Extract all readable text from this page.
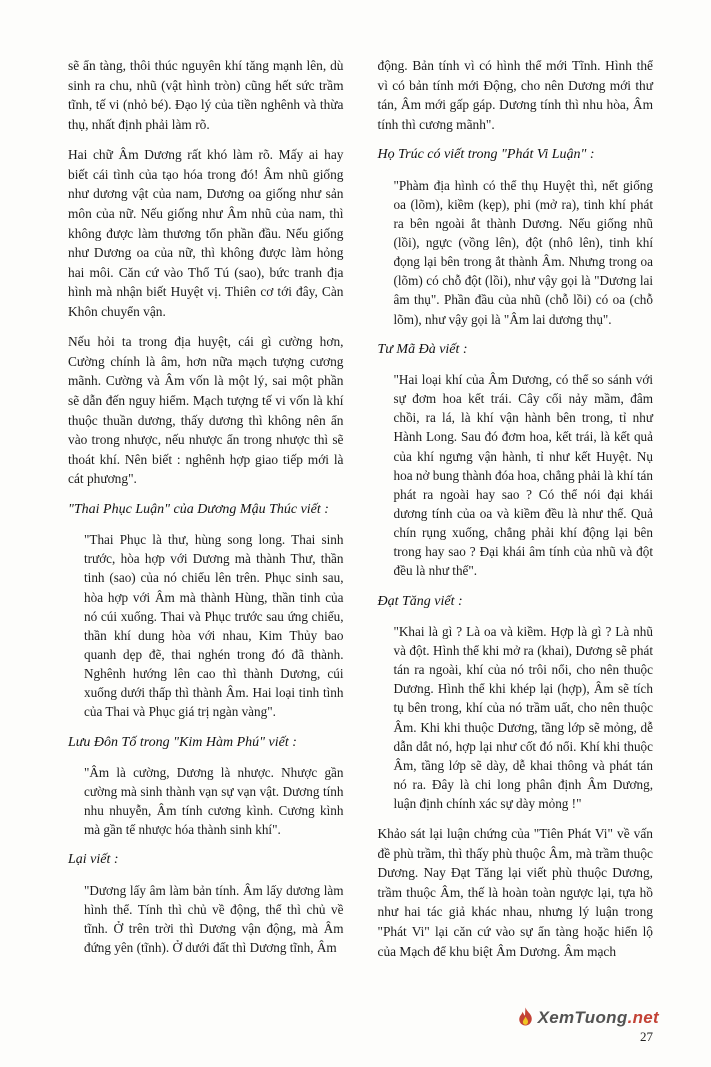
sẽ ẩn tàng, thôi thúc nguyên khí tăng mạnh lên, dù sinh ra chu, nhũ (vật hình tròn) cũng hết sức trầm tĩnh, tế vi (nhỏ bé). Đạo lý của tiền nghênh và thừa thụ, nhất định phải làm rõ.

Hai chữ Âm Dương rất khó làm rõ. Mấy ai hay biết cái tình của tạo hóa trong đó! Âm nhũ giống như dương vật của nam, Dương oa giống như sản môn của nữ. Nếu giống như Âm nhũ của nam, thì không được làm thương tổn phần đầu. Nếu giống như Dương oa của nữ, thì không được làm hỏng hai môi. Căn cứ vào Thổ Tú (sao), bức tranh địa hình mà nhận biết Huyệt vị. Thiên cơ tới đây, Càn Khôn chuyển vận.

Nếu hỏi ta trong địa huyệt, cái gì cường hơn, Cường chính là âm, hơn nữa mạch tượng cương mãnh. Cường và Âm vốn là một lý, sai một phần sẽ dẫn đến nguy hiểm. Mạch tượng tế vi vốn là khí thuộc thuần dương, thấy dương thì không nên ẩn vào trong nhược, nếu nhược ẩn trong nhược thì sẽ thoát khí. Nên biết : nghênh hợp giao tiếp mới là cát phương".

"Thai Phục Luận" của Dương Mậu Thúc viết :

"Thai Phục là thư, hùng song long. Thai sinh trước, hòa hợp với Dương mà thành Thư, thần tinh (sao) của nó chiếu lên trên. Phục sinh sau, hòa hợp với Âm mà thành Hùng, thần tinh của nó cúi xuống. Thai và Phục trước sau ứng chiếu, thần khí dung hòa với nhau, Kim Thủy bao quanh dẹp đẽ, thai nghén trong đó đã thành. Nghênh hướng lên cao thì thành Dương, cúi xuống dưới thấp thì thành Âm. Hai loại tinh tình của Thai và Phục giá trị ngàn vàng".

Lưu Đôn Tố trong "Kim Hàm Phú" viết :

"Âm là cường, Dương là nhược. Nhược gần cường mà sinh thành vạn sự vạn vật. Dương tính nhu nhuyễn, Âm tính cương kình. Cương kình mà gần tế nhược hóa thành sinh khí".

Lại viết :

"Dương lấy âm làm bản tính. Âm lấy dương làm hình thể. Tính thì chủ về động, thể thì chủ về tĩnh. Ở trên trời thì Dương vận động, mà Âm đứng yên (tĩnh). Ở dưới đất thì Dương tĩnh, Âm

động. Bản tính vì có hình thể mới Tĩnh. Hình thể vì có bản tính mới Động, cho nên Dương mới thư tán, Âm mới gấp gáp. Dương tính thì nhu hòa, Âm tính thì cương mãnh".

Họ Trúc có viết trong "Phát Vi Luận" :

"Phàm địa hình có thể thụ Huyệt thì, nết giống oa (lõm), kiềm (kẹp), phi (mở ra), tinh khí phát ra bên ngoài ắt thành Dương. Nếu giống nhũ (lồi), ngực (vồng lên), đột (nhô lên), tinh khí đọng lại bên trong ắt thành Âm. Nhưng trong oa (lõm) có chỗ đột (lồi), như vậy gọi là "Dương lai âm thụ". Phần đầu của nhũ (chỗ lồi) có oa (chỗ lõm), như vậy gọi là "Âm lai dương thụ".

Tư Mã Đà viết :

"Hai loại khí của Âm Dương, có thể so sánh với sự đơm hoa kết trái. Cây cối nảy mầm, đâm chồi, ra lá, là khí vận hành bên trong, tỉ như Hành Long. Sau đó đơm hoa, kết trái, là kết quả của khí ngưng vận hành, tỉ như kết Huyệt. Nụ hoa nở bung thành đóa hoa, chẳng phải là khí tán phát ra ngoài hay sao ? Có thể nói đại khái dương tính của oa và kiềm đều là như thế. Quả chín rụng xuống, chẳng phải khí động lại bên trong hay sao ? Đại khái âm tính của nhũ và đột đều là như thế".

Đạt Tăng viết :

"Khai là gì ? Là oa và kiềm. Hợp là gì ? Là nhũ và đột. Hình thể khi mở ra (khai), Dương sẽ phát tán ra ngoài, khí của nó trôi nổi, cho nên thuộc Dương. Hình thể khi khép lại (hợp), Âm sẽ tích tụ bên trong, khí của nó trầm uất, cho nên thuộc Âm. Khi khi thuộc Dương, tầng lớp sẽ mỏng, dễ dẫn dắt nó, hợp lại như cốt đó nổi. Khí khi thuộc Âm, tầng lớp sẽ dày, dễ khai thông và phát tán nó ra. Đây là chi long phân định Âm Dương, luận định chính xác sự dày mỏng !"

Khảo sát lại luận chứng của "Tiên Phát Vi" về vấn đề phù trầm, thì thấy phù thuộc Âm, mà trầm thuộc Dương. Nay Đạt Tăng lại viết phù thuộc Dương, trầm thuộc Âm, thế là hoàn toàn ngược lại, tựa hồ như hai tác giả khác nhau, nhưng lý luận trong "Phát Vi" lại căn cứ vào sự ẩn tàng hoặc hiển lộ của Mạch để khu biệt Âm Dương. Âm mạch

XemTuong.net
27
